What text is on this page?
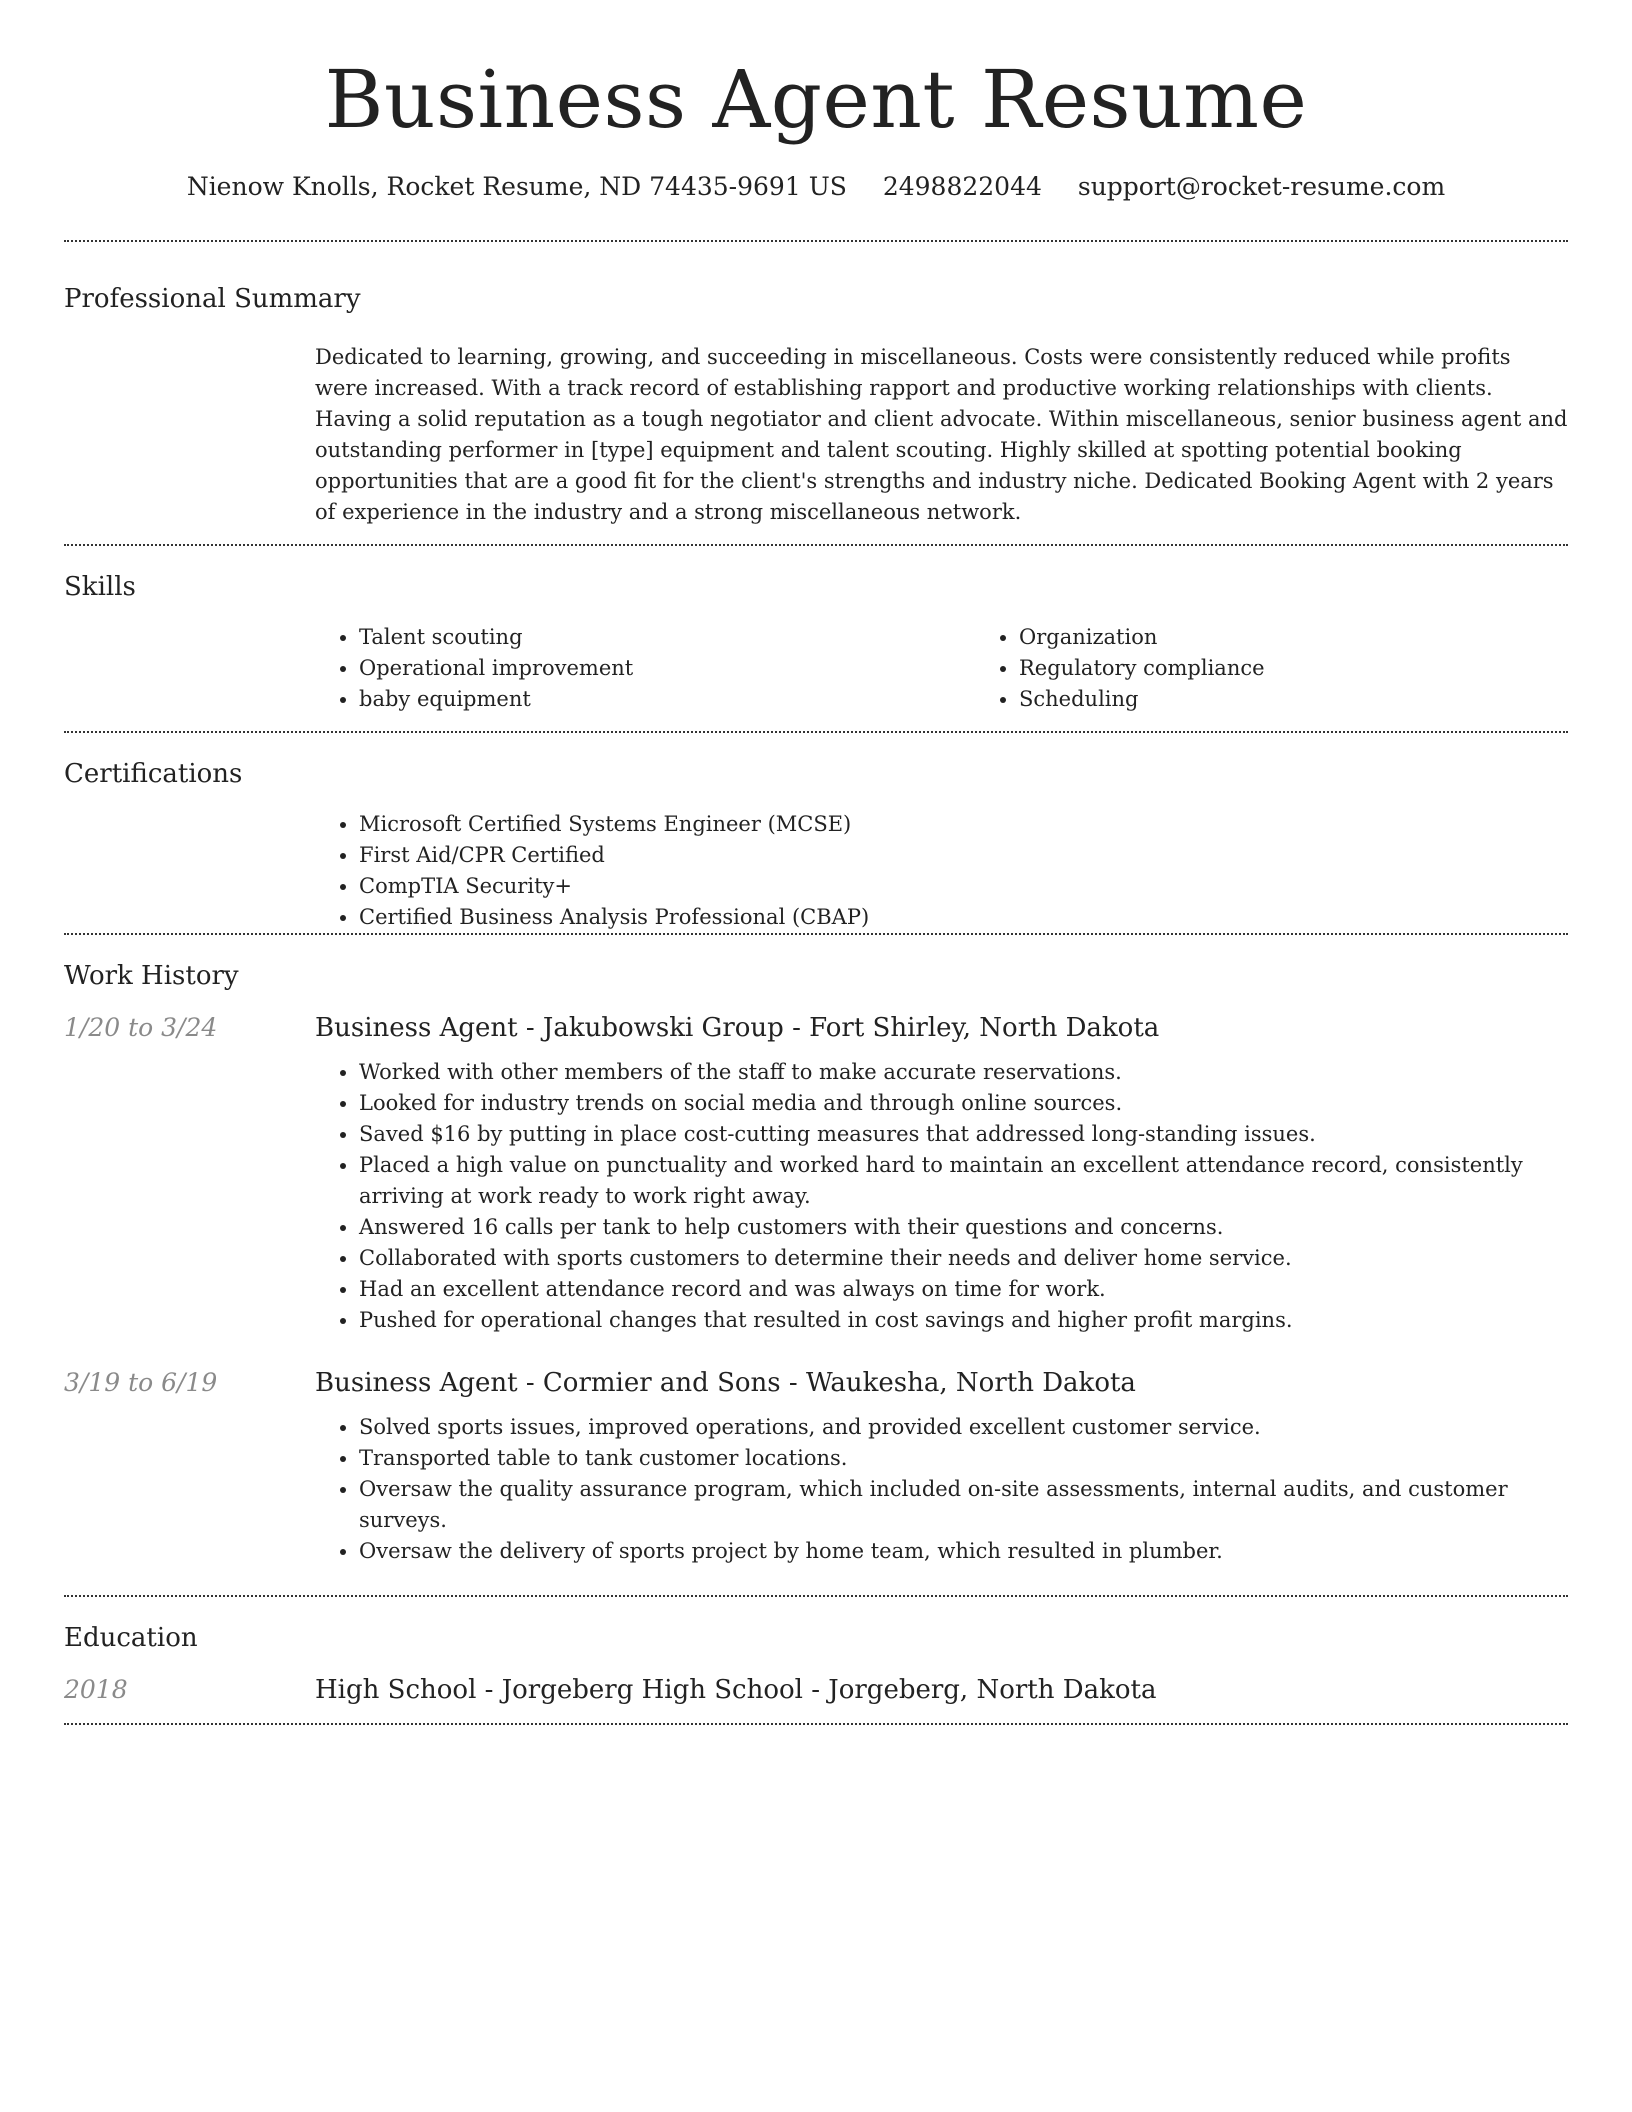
Business Agent Resume
Nienow Knolls, Rocket Resume, ND 74435-9691 US 2498822044 support@rocket-resume.com
Professional Summary

Dedicated to learning, growing, and succeeding in miscellaneous. Costs were consistently reduced while profits were increased. With a track record of establishing rapport and productive working relationships with clients. Having a solid reputation as a tough negotiator and client advocate. Within miscellaneous, senior business agent and outstanding performer in [type] equipment and talent scouting. Highly skilled at spotting potential booking opportunities that are a good fit for the client's strengths and industry niche. Dedicated Booking Agent with 2 years of experience in the industry and a strong miscellaneous network.

Skills
• Talent scouting
• Operational improvement
• baby equipment
• Organization
• Regulatory compliance
• Scheduling
Certifications
• Microsoft Certified Systems Engineer (MCSE)
• First Aid/CPR Certified
• CompTIA Security+
• Certified Business Analysis Professional (CBAP)
Work History
1/20 to 3/24	Business Agent - Jakubowski Group - Fort Shirley, North Dakota
• Worked with other members of the staff to make accurate reservations.
• Looked for industry trends on social media and through online sources.
• Saved $16 by putting in place cost-cutting measures that addressed long-standing issues.
• Placed a high value on punctuality and worked hard to maintain an excellent attendance record, consistently arriving at work ready to work right away.
• Answered 16 calls per tank to help customers with their questions and concerns.
• Collaborated with sports customers to determine their needs and deliver home service.
• Had an excellent attendance record and was always on time for work.
• Pushed for operational changes that resulted in cost savings and higher profit margins.
3/19 to 6/19	Business Agent - Cormier and Sons - Waukesha, North Dakota
• Solved sports issues, improved operations, and provided excellent customer service.
• Transported table to tank customer locations.
• Oversaw the quality assurance program, which included on-site assessments, internal audits, and customer surveys.
• Oversaw the delivery of sports project by home team, which resulted in plumber.
Education
2018	High School - Jorgeberg High School - Jorgeberg, North Dakota
